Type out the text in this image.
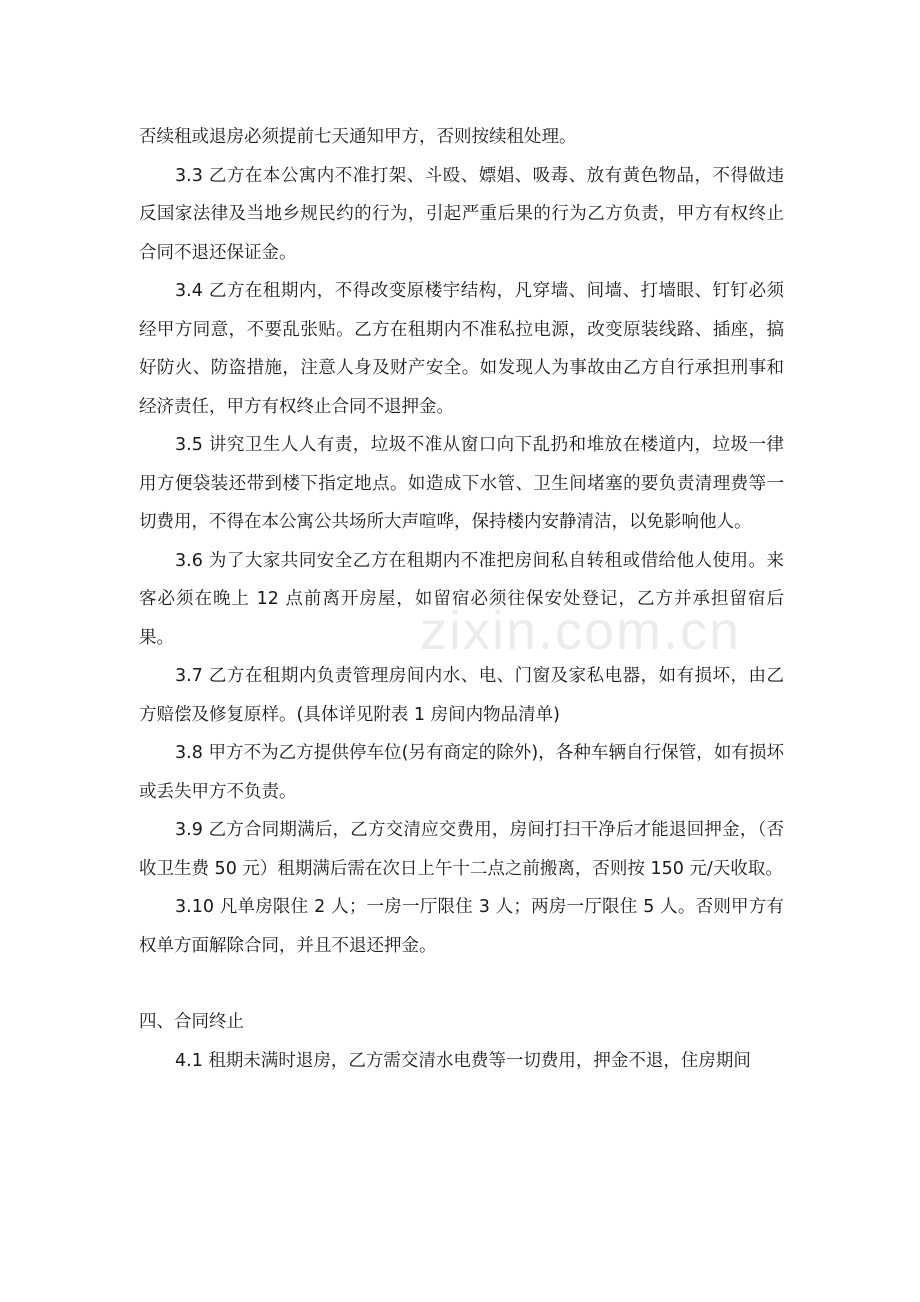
否续租或退房必须提前七天通知甲方，否则按续租处理。

3.3 乙方在本公寓内不准打架、斗殴、嫖娼、吸毒、放有黄色物品，不得做违反国家法律及当地乡规民约的行为，引起严重后果的行为乙方负责，甲方有权终止合同不退还保证金。

3.4 乙方在租期内，不得改变原楼宇结构，凡穿墙、间墙、打墙眼、钉钉必须经甲方同意，不要乱张贴。乙方在租期内不准私拉电源，改变原装线路、插座，搞好防火、防盗措施，注意人身及财产安全。如发现人为事故由乙方自行承担刑事和经济责任，甲方有权终止合同不退押金。

3.5 讲究卫生人人有责，垃圾不准从窗口向下乱扔和堆放在楼道内，垃圾一律用方便袋装还带到楼下指定地点。如造成下水管、卫生间堵塞的要负责清理费等一切费用，不得在本公寓公共场所大声喧哗，保持楼内安静清洁，以免影响他人。

3.6 为了大家共同安全乙方在租期内不准把房间私自转租或借给他人使用。来客必须在晚上 12 点前离开房屋，如留宿必须往保安处登记，乙方并承担留宿后果。

3.7 乙方在租期内负责管理房间内水、电、门窗及家私电器，如有损坏，由乙方赔偿及修复原样。(具体详见附表 1 房间内物品清单)

3.8 甲方不为乙方提供停车位(另有商定的除外)，各种车辆自行保管，如有损坏或丢失甲方不负责。

3.9 乙方合同期满后，乙方交清应交费用，房间打扫干净后才能退回押金，（否收卫生费 50 元）租期满后需在次日上午十二点之前搬离，否则按 150 元/天收取。

3.10 凡单房限住 2 人；一房一厅限住 3 人；两房一厅限住 5 人。否则甲方有权单方面解除合同，并且不退还押金。

四、合同终止

4.1 租期未满时退房，乙方需交清水电费等一切费用，押金不退，住房期间

zixin.com.cn
